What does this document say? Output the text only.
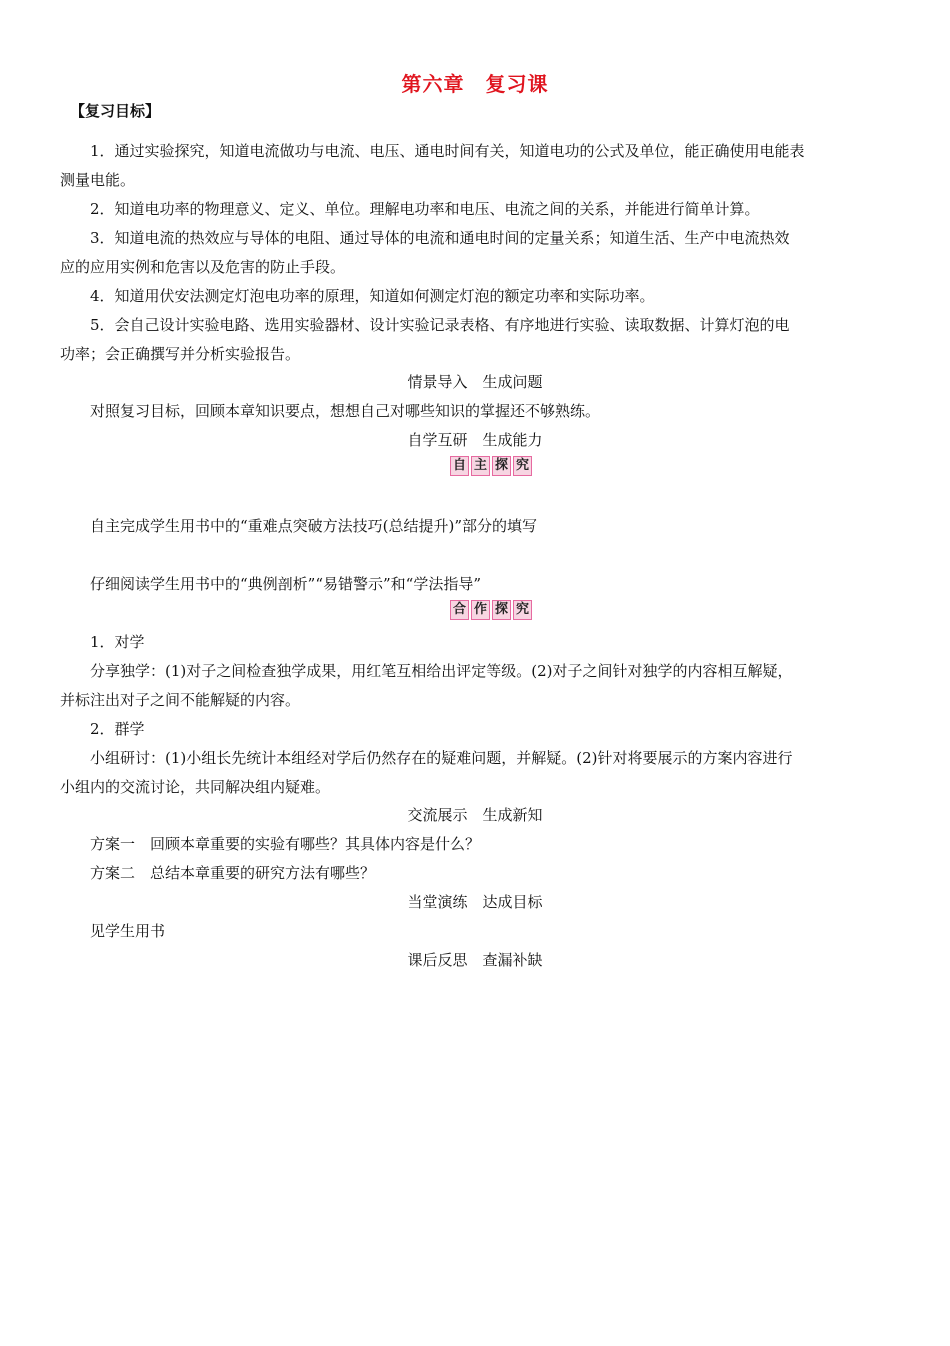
第六章　复习课
【复习目标】
1．通过实验探究，知道电流做功与电流、电压、通电时间有关，知道电功的公式及单位，能正确使用电能表
测量电能。
2．知道电功率的物理意义、定义、单位。理解电功率和电压、电流之间的关系，并能进行简单计算。
3．知道电流的热效应与导体的电阻、通过导体的电流和通电时间的定量关系；知道生活、生产中电流热效
应的应用实例和危害以及危害的防止手段。
4．知道用伏安法测定灯泡电功率的原理，知道如何测定灯泡的额定功率和实际功率。
5．会自己设计实验电路、选用实验器材、设计实验记录表格、有序地进行实验、读取数据、计算灯泡的电
功率；会正确撰写并分析实验报告。
情景导入　生成问题
对照复习目标，回顾本章知识要点，想想自己对哪些知识的掌握还不够熟练。
自学互研　生成能力
自 主 探 究
自主完成学生用书中的“重难点突破方法技巧(总结提升)”部分的填写
仔细阅读学生用书中的“典例剖析”“易错警示”和“学法指导”
合 作 探 究
1．对学
分享独学：(1)对子之间检查独学成果，用红笔互相给出评定等级。(2)对子之间针对独学的内容相互解疑，
并标注出对子之间不能解疑的内容。
2．群学
小组研讨：(1)小组长先统计本组经对学后仍然存在的疑难问题，并解疑。(2)针对将要展示的方案内容进行
小组内的交流讨论，共同解决组内疑难。
交流展示　生成新知
方案一　回顾本章重要的实验有哪些？其具体内容是什么？
方案二　总结本章重要的研究方法有哪些？
当堂演练　达成目标
见学生用书
课后反思　查漏补缺
